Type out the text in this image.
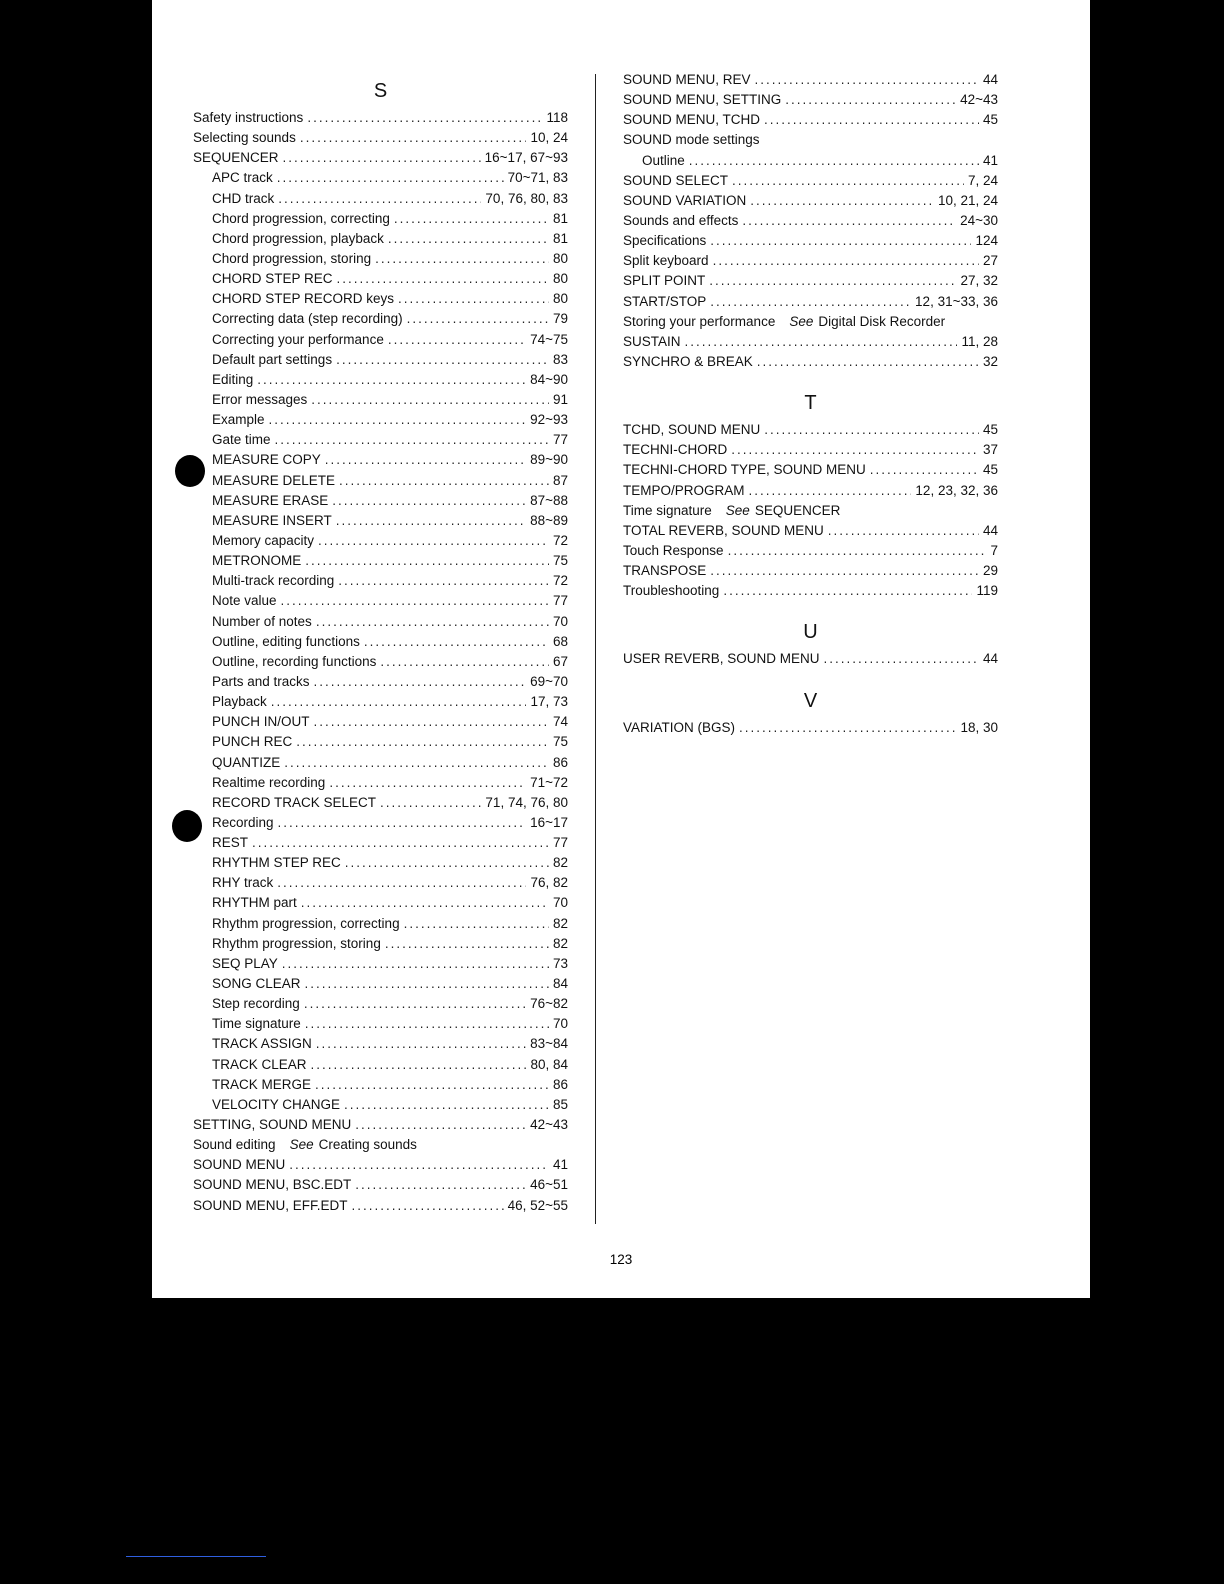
S
Safety instructions .....	118
Selecting sounds .....	10, 24
SEQUENCER .....	16~17, 67~93
APC track .....	70~71, 83
CHD track .....	70, 76, 80, 83
Chord progression, correcting .....	81
Chord progression, playback .....	81
Chord progression, storing .....	80
CHORD STEP REC .....	80
CHORD STEP RECORD keys .....	80
Correcting data (step recording) .....	79
Correcting your performance .....	74~75
Default part settings .....	83
Editing .....	84~90
Error messages .....	91
Example .....	92~93
Gate time .....	77
MEASURE COPY .....	89~90
MEASURE DELETE .....	87
MEASURE ERASE .....	87~88
MEASURE INSERT .....	88~89
Memory capacity .....	72
METRONOME .....	75
Multi-track recording .....	72
Note value .....	77
Number of notes .....	70
Outline, editing functions .....	68
Outline, recording functions .....	67
Parts and tracks .....	69~70
Playback .....	17, 73
PUNCH IN/OUT .....	74
PUNCH REC .....	75
QUANTIZE .....	86
Realtime recording .....	71~72
RECORD TRACK SELECT .....	71, 74, 76, 80
Recording .....	16~17
REST .....	77
RHYTHM STEP REC .....	82
RHY track .....	76, 82
RHYTHM part .....	70
Rhythm progression, correcting .....	82
Rhythm progression, storing .....	82
SEQ PLAY .....	73
SONG CLEAR .....	84
Step recording .....	76~82
Time signature .....	70
TRACK ASSIGN .....	83~84
TRACK CLEAR .....	80, 84
TRACK MERGE .....	86
VELOCITY CHANGE .....	85
SETTING, SOUND MENU .....	42~43
Sound editing See Creating sounds
SOUND MENU .....	41
SOUND MENU, BSC.EDT .....	46~51
SOUND MENU, EFF.EDT .....	46, 52~55
SOUND MENU, REV .....	44
SOUND MENU, SETTING .....	42~43
SOUND MENU, TCHD .....	45
SOUND mode settings
Outline .....	41
SOUND SELECT .....	7, 24
SOUND VARIATION .....	10, 21, 24
Sounds and effects .....	24~30
Specifications .....	124
Split keyboard .....	27
SPLIT POINT .....	27, 32
START/STOP .....	12, 31~33, 36
Storing your performance See Digital Disk Recorder
SUSTAIN .....	11, 28
SYNCHRO & BREAK .....	32
T
TCHD, SOUND MENU .....	45
TECHNI-CHORD .....	37
TECHNI-CHORD TYPE, SOUND MENU .....	45
TEMPO/PROGRAM .....	12, 23, 32, 36
Time signature See SEQUENCER
TOTAL REVERB, SOUND MENU .....	44
Touch Response .....	7
TRANSPOSE .....	29
Troubleshooting .....	119
U
USER REVERB, SOUND MENU .....	44
V
VARIATION (BGS) .....	18, 30
123
